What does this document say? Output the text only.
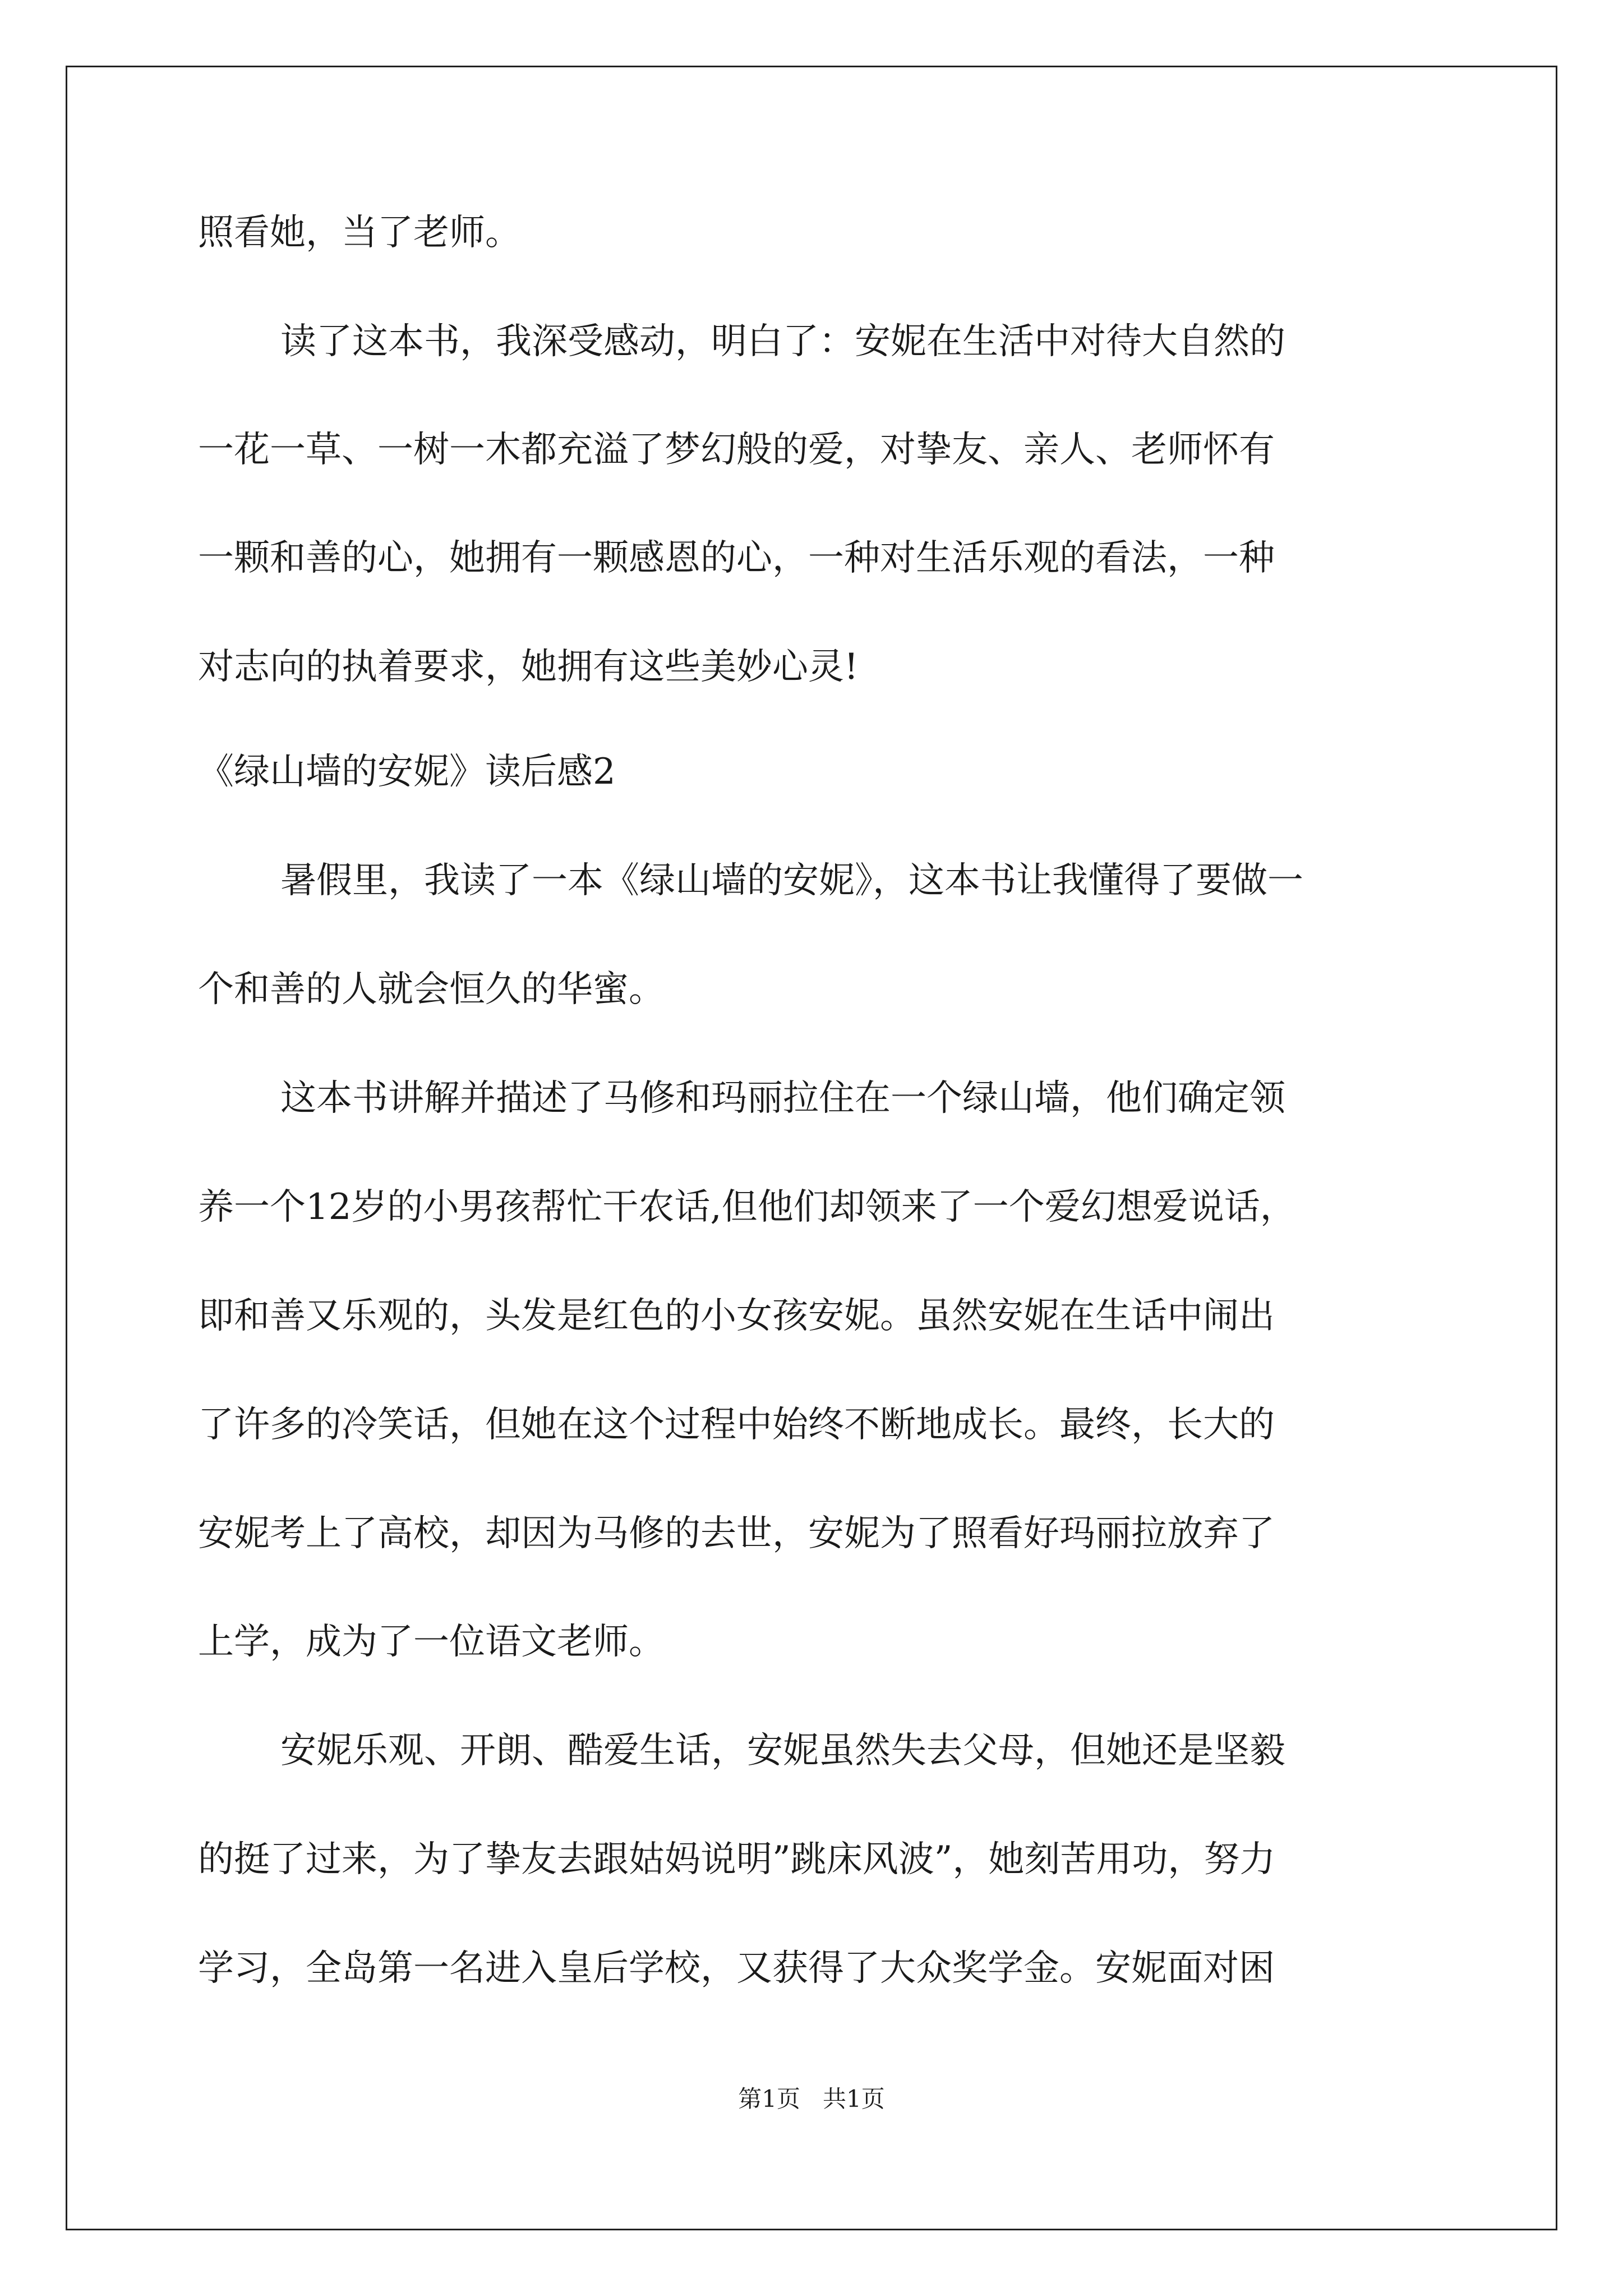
照看她，当了老师。
读了这本书，我深受感动，明白了：安妮在生活中对待大自然的
一花一草、一树一木都充溢了梦幻般的爱，对挚友、亲人、老师怀有
一颗和善的心，她拥有一颗感恩的心，一种对生活乐观的看法，一种
对志向的执着要求，她拥有这些美妙心灵!
《绿山墙的安妮》读后感2
暑假里，我读了一本《绿山墙的安妮》，这本书让我懂得了要做一
个和善的人就会恒久的华蜜。
这本书讲解并描述了马修和玛丽拉住在一个绿山墙，他们确定领
养一个12岁的小男孩帮忙干农话,但他们却领来了一个爱幻想爱说话，
即和善又乐观的，头发是红色的小女孩安妮。虽然安妮在生话中闹出
了许多的冷笑话，但她在这个过程中始终不断地成长。最终，长大的
安妮考上了高校，却因为马修的去世，安妮为了照看好玛丽拉放弃了
上学，成为了一位语文老师。
安妮乐观、开朗、酷爱生话，安妮虽然失去父母，但她还是坚毅
的挺了过来，为了挚友去跟姑妈说明”跳床风波”，她刻苦用功，努力
学习，全岛第一名进入皇后学校，又获得了大众奖学金。安妮面对困
第1页   共1页
